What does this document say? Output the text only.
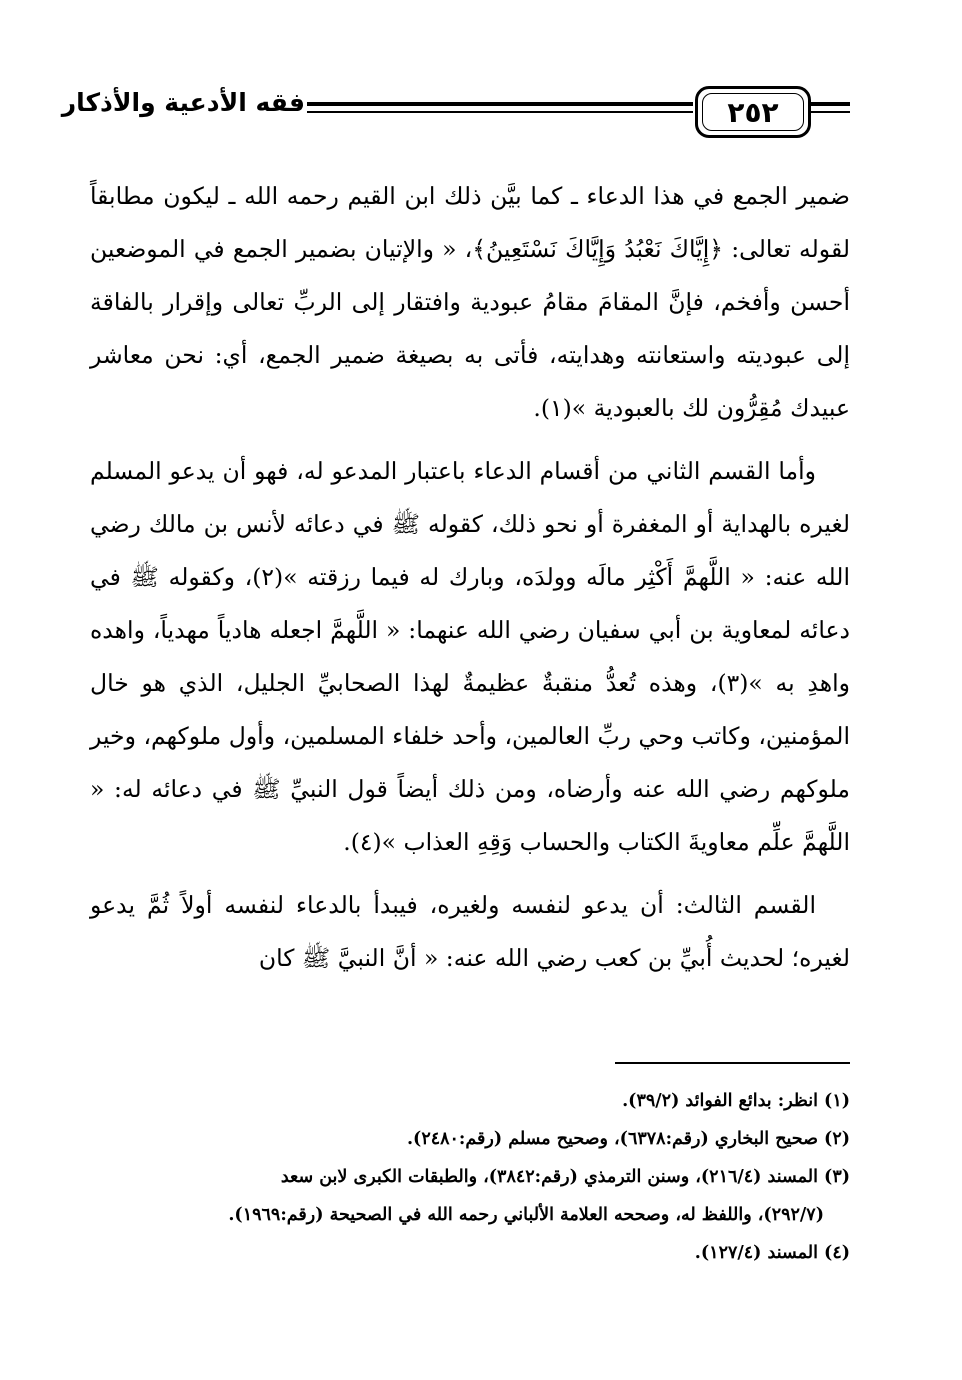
٢٥٢
فقه الأدعية والأذكار

ضمير الجمع في هذا الدعاء ـ كما بيَّن ذلك ابن القيم رحمه الله ـ ليكون مطابقاً لقوله تعالى: ﴿إِيَّاكَ نَعْبُدُ وَإِيَّاكَ نَسْتَعِينُ﴾، « والإتيان بضمير الجمع في الموضعين أحسن وأفخم، فإنَّ المقامَ مقامُ عبودية وافتقار إلى الربِّ تعالى وإقرار بالفاقة إلى عبوديته واستعانته وهدايته، فأتى به بصيغة ضمير الجمع، أي: نحن معاشر عبيدك مُقِرُّون لك بالعبودية »(١).

وأما القسم الثاني من أقسام الدعاء باعتبار المدعو له، فهو أن يدعو المسلم لغيره بالهداية أو المغفرة أو نحو ذلك، كقوله ﷺ في دعائه لأنس بن مالك رضي الله عنه: « اللَّهمَّ أَكْثِر مالَه وولدَه، وبارك له فيما رزقته »(٢)، وكقوله ﷺ في دعائه لمعاوية بن أبي سفيان رضي الله عنهما: « اللَّهمَّ اجعله هادياً مهدياً، واهده واهدِ به »(٣)، وهذه تُعدُّ منقبةٌ عظيمةٌ لهذا الصحابيِّ الجليل، الذي هو خال المؤمنين، وكاتب وحي ربِّ العالمين، وأحد خلفاء المسلمين، وأول ملوكهم، وخير ملوكهم رضي الله عنه وأرضاه، ومن ذلك أيضاً قول النبيِّ ﷺ في دعائه له: « اللَّهمَّ علِّم معاويةَ الكتاب والحساب وَقِهِ العذاب »(٤).

القسم الثالث: أن يدعو لنفسه ولغيره، فيبدأ بالدعاء لنفسه أولاً ثُمَّ يدعو لغيره؛ لحديث أُبيِّ بن كعب رضي الله عنه: « أنَّ النبيَّ ﷺ كان

(١) انظر: بدائع الفوائد (٣٩/٢).
(٢) صحيح البخاري (رقم:٦٣٧٨)، وصحيح مسلم (رقم:٢٤٨٠).
(٣) المسند (٢١٦/٤)، وسنن الترمذي (رقم:٣٨٤٢)، والطبقات الكبرى لابن سعد
(٢٩٢/٧)، واللفظ له، وصححه العلامة الألباني رحمه الله في الصحيحة (رقم:١٩٦٩).
(٤) المسند (١٢٧/٤).
